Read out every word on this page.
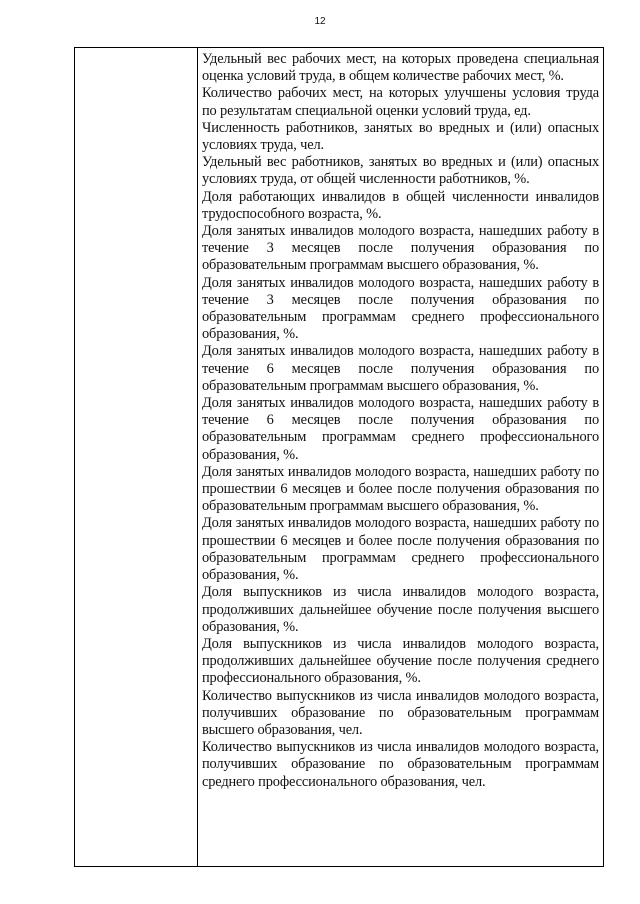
12

Удельный вес рабочих мест, на которых проведена специальная оценка условий труда, в общем количестве рабочих мест, %.

Количество рабочих мест, на которых улучшены условия труда по результатам специальной оценки условий труда, ед.

Численность работников, занятых во вредных и (или) опасных условиях труда, чел.

Удельный вес работников, занятых во вредных и (или) опасных условиях труда, от общей численности работников, %.

Доля работающих инвалидов в общей численности инвалидов трудоспособного возраста, %.

Доля занятых инвалидов молодого возраста, нашедших работу в течение 3 месяцев после получения образования по образовательным программам высшего образования, %.

Доля занятых инвалидов молодого возраста, нашедших работу в течение 3 месяцев после получения образования по образовательным программам среднего профессионального образования, %.

Доля занятых инвалидов молодого возраста, нашедших работу в течение 6 месяцев после получения образования по образовательным программам высшего образования, %.

Доля занятых инвалидов молодого возраста, нашедших работу в течение 6 месяцев после получения образования по образовательным программам среднего профессионального образования, %.

Доля занятых инвалидов молодого возраста, нашедших работу по прошествии 6 месяцев и более после получения образования по образовательным программам высшего образования, %.

Доля занятых инвалидов молодого возраста, нашедших работу по прошествии 6 месяцев и более после получения образования по образовательным программам среднего профессионального образования, %.

Доля выпускников из числа инвалидов молодого возраста, продолживших дальнейшее обучение после получения высшего образования, %.

Доля выпускников из числа инвалидов молодого возраста, продолживших дальнейшее обучение после получения среднего профессионального образования, %.

Количество выпускников из числа инвалидов молодого возраста, получивших образование по образовательным программам высшего образования, чел.

Количество выпускников из числа инвалидов молодого возраста, получивших образование по образовательным программам среднего профессионального образования, чел.
